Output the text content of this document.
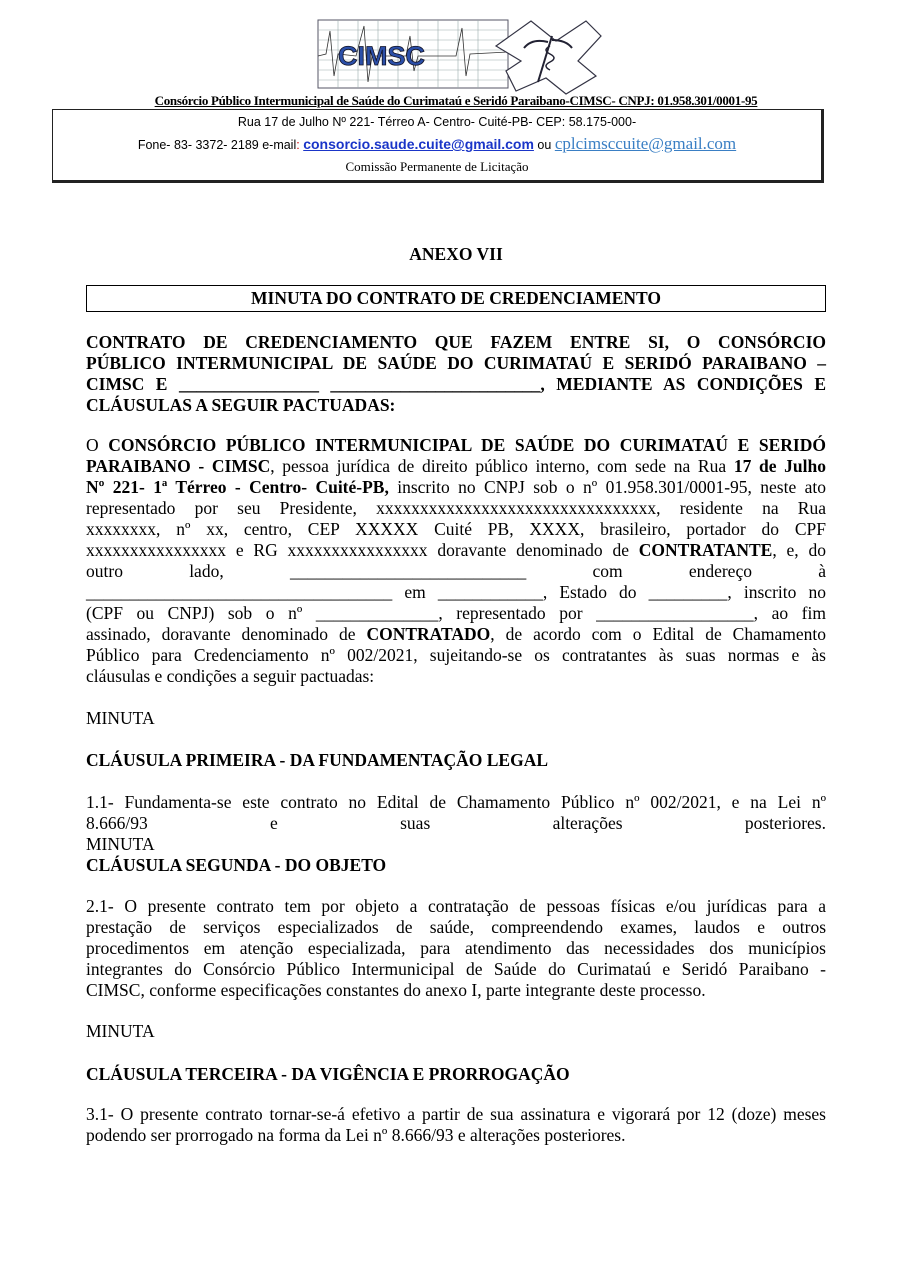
CIMSC
Consórcio Público Intermunicipal de Saúde do Curimataú e Seridó Paraibano-CIMSC- CNPJ: 01.958.301/0001-95
Rua 17 de Julho Nº 221- Térreo A- Centro- Cuité-PB- CEP: 58.175-000-
Fone- 83- 3372- 2189 e-mail: consorcio.saude.cuite@gmail.com ou cplcimsccuite@gmail.com
Comissão Permanente de Licitação
ANEXO VII
MINUTA DO CONTRATO DE CREDENCIAMENTO
CONTRATO DE CREDENCIAMENTO QUE FAZEM ENTRE SI, O CONSÓRCIO
PÚBLICO INTERMUNICIPAL DE SAÚDE DO CURIMATAÚ E SERIDÓ PARAIBANO –
CIMSC E ________________ ________________________, MEDIANTE AS CONDIÇÕES E
CLÁUSULAS A SEGUIR PACTUADAS:
O CONSÓRCIO PÚBLICO INTERMUNICIPAL DE SAÚDE DO CURIMATAÚ E SERIDÓ
PARAIBANO - CIMSC, pessoa jurídica de direito público interno, com sede na Rua 17 de Julho
Nº 221- 1ª Térreo - Centro- Cuité-PB, inscrito no CNPJ sob o nº 01.958.301/0001-95, neste ato
representado por seu Presidente, xxxxxxxxxxxxxxxxxxxxxxxxxxxxxxxx, residente na Rua
xxxxxxxx, nº xx, centro, CEP XXXXX Cuité PB, XXXX, brasileiro, portador do CPF
xxxxxxxxxxxxxxxx e RG xxxxxxxxxxxxxxxx doravante denominado de CONTRATANTE, e, do
outro lado, ___________________________ com endereço à
___________________________________ em ____________, Estado do _________, inscrito no
(CPF ou CNPJ) sob o nº ______________, representado por __________________, ao fim
assinado, doravante denominado de CONTRATADO, de acordo com o Edital de Chamamento
Público para Credenciamento nº 002/2021, sujeitando-se os contratantes às suas normas e às
cláusulas e condições a seguir pactuadas:
MINUTA
CLÁUSULA PRIMEIRA - DA FUNDAMENTAÇÃO LEGAL
1.1- Fundamenta-se este contrato no Edital de Chamamento Público nº 002/2021, e na Lei nº
8.666/93 e suas alterações posteriores.
MINUTA
CLÁUSULA SEGUNDA - DO OBJETO
2.1- O presente contrato tem por objeto a contratação de pessoas físicas e/ou jurídicas para a
prestação de serviços especializados de saúde, compreendendo exames, laudos e outros
procedimentos em atenção especializada, para atendimento das necessidades dos municípios
integrantes do Consórcio Público Intermunicipal de Saúde do Curimataú e Seridó Paraibano -
CIMSC, conforme especificações constantes do anexo I, parte integrante deste processo.
MINUTA
CLÁUSULA TERCEIRA - DA VIGÊNCIA E PRORROGAÇÃO
3.1- O presente contrato tornar-se-á efetivo a partir de sua assinatura e vigorará por 12 (doze) meses
podendo ser prorrogado na forma da Lei nº 8.666/93 e alterações posteriores.
